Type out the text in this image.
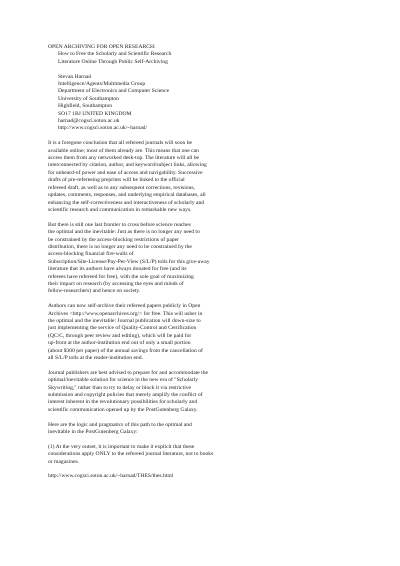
OPEN ARCHIVING FOR OPEN RESEARCH:
How to Free the Scholarly and Scientific Research
Literature Online Through Public Self-Archiving
Stevan Harnad
Intelligence/Agents/Multimedia Group
Department of Electronics and Computer Science
University of Southampton
Highfield, Southampton
SO17 1BJ UNITED KINGDOM
harnad@cogsci.soton.ac.uk
http://www.cogsci.soton.ac.uk/~harnad/
It is a foregone conclusion that all refereed journals will soon be
available online; most of them already are. This means that one can
access them from any networked desk-top. The literature will all be
interconnected by citation, author, and keyword/subject links, allowing
for unheard-of power and ease of access and navigability. Successive
drafts of pre-refereeing preprints will be linked to the official
refereed draft, as well as to any subsequent corrections, revisions,
updates, comments, responses, and underlying empirical databases, all
enhancing the self-correctiveness and interactiveness of scholarly and
scientific research and communication in remarkable new ways.
But there is still one last frontier to cross before science reaches
the optimal and the inevitable: Just as there is no longer any need to
be constrained by the access-blocking restrictions of paper
distribution, there is no longer any need to be constrained by the
access-blocking financial fire-walls of
Subscription/Site-License/Pay-Per-View (S/L/P) tolls for this give-away
literature that its authors have always donated for free (and its
referees have refereed for free), with the sole goal of maximizing
their impact on research (by accessing the eyes and minds of
fellow-researchers) and hence on society.
Authors can now self-archive their refereed papers publicly in Open
Archives <http://www.openarchives.org/> for free. This will usher in
the optimal and the inevitable: Journal publication will down-size to
just implementing the service of Quality-Control and Certification
(QC/C, through peer review and editing), which will be paid for
up-front at the author-institution end out of only a small portion
(about $300 per paper) of the annual savings from the cancellation of
all S/L/P tolls at the reader-institution end.
Journal publishers are best advised to prepare for and accommodate the
optimal/inevitable solution for science in the new era of "Scholarly
Skywriting," rather than to try to delay or block it via restrictive
submission and copyright policies that merely amplify the conflict of
interest inherent in the revolutionary possibilities for scholarly and
scientific communication opened up by the PostGutenberg Galaxy.
Here are the logic and pragmatics of this path to the optimal and
inevitable in the PostGutenberg Galaxy:
(1) At the very outset, it is important to make it explicit that these
considerations apply ONLY to the refereed journal literature, not to books
or magazines.
http://www.cogsci.soton.ac.uk/~harnad/THES/thes.html
